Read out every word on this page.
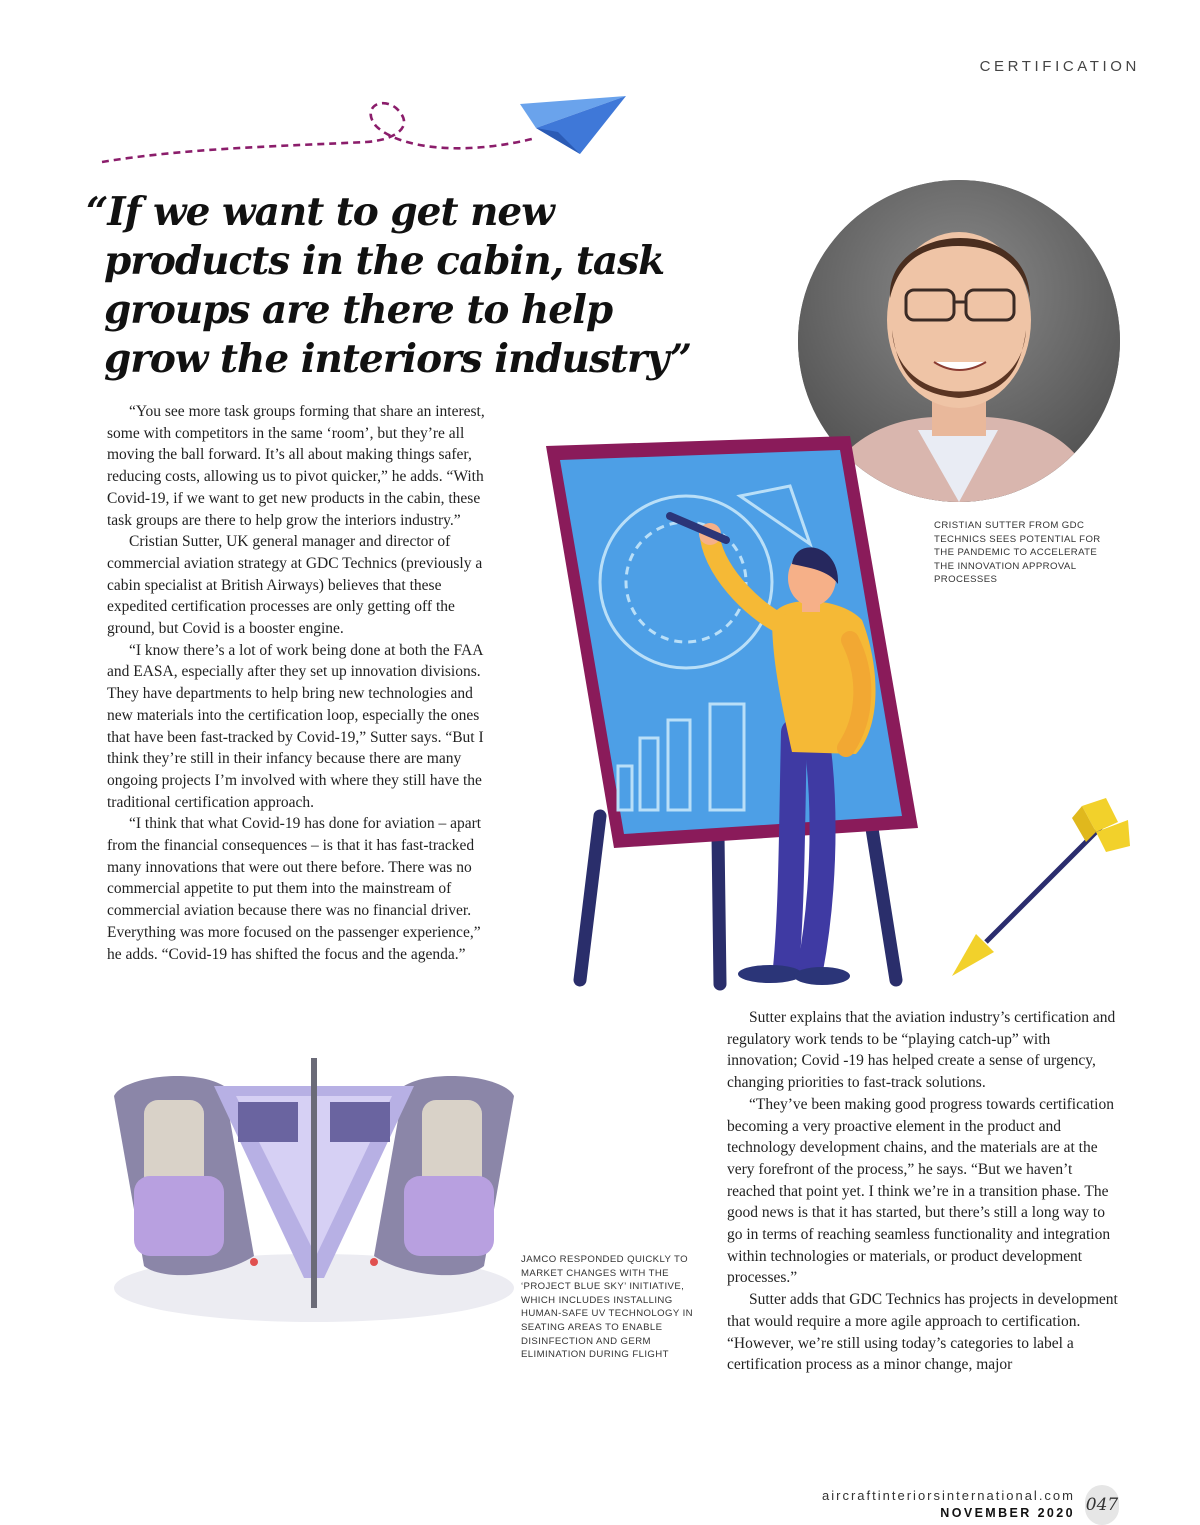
CERTIFICATION
“If we want to get new
products in the cabin, task
groups are there to help
grow the interiors industry”
CRISTIAN SUTTER FROM GDC TECHNICS SEES POTENTIAL FOR THE PANDEMIC TO ACCELERATE THE INNOVATION APPROVAL PROCESSES

“You see more task groups forming that share an interest, some with competitors in the same ‘room’, but they’re all moving the ball forward. It’s all about making things safer, reducing costs, allowing us to pivot quicker,” he adds. “With Covid-19, if we want to get new products in the cabin, these task groups are there to help grow the interiors industry.”

Cristian Sutter, UK general manager and director of commercial aviation strategy at GDC Technics (previously a cabin specialist at British Airways) believes that these expedited certification processes are only getting off the ground, but Covid is a booster engine.

“I know there’s a lot of work being done at both the FAA and EASA, especially after they set up innovation divisions. They have departments to help bring new technologies and new materials into the certification loop, especially the ones that have been fast-tracked by Covid-19,” Sutter says. “But I think they’re still in their infancy because there are many ongoing projects I’m involved with where they still have the traditional certification approach.

“I think that what Covid-19 has done for aviation – apart from the financial consequences – is that it has fast-tracked many innovations that were out there before. There was no commercial appetite to put them into the mainstream of commercial aviation because there was no financial driver. Everything was more focused on the passenger experience,” he adds. “Covid-19 has shifted the focus and the agenda.”

JAMCO RESPONDED QUICKLY TO MARKET CHANGES WITH THE ‘PROJECT BLUE SKY’ INITIATIVE, WHICH INCLUDES INSTALLING HUMAN-SAFE UV TECHNOLOGY IN SEATING AREAS TO ENABLE DISINFECTION AND GERM ELIMINATION DURING FLIGHT

Sutter explains that the aviation industry’s certification and regulatory work tends to be “playing catch-up” with innovation; Covid -19 has helped create a sense of urgency, changing priorities to fast-track solutions.

“They’ve been making good progress towards certification becoming a very proactive element in the product and technology development chains, and the materials are at the very forefront of the process,” he says. “But we haven’t reached that point yet. I think we’re in a transition phase. The good news is that it has started, but there’s still a long way to go in terms of reaching seamless functionality and integration within technologies or materials, or product development processes.”

Sutter adds that GDC Technics has projects in development that would require a more agile approach to certification. “However, we’re still using today’s categories to label a certification process as a minor change, major

aircraftinteriorsinternational.com
NOVEMBER 2020 047
